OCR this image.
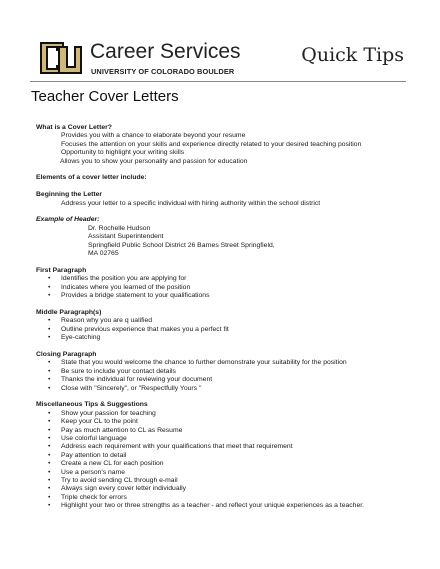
Career Services
UNIVERSITY OF COLORADO BOULDER
Quick Tips
Teacher Cover Letters

What is a Cover Letter?

Provides you with a chance to elaborate beyond your resume

Focuses the attention on your skills and experience directly related to your desired teaching position

Opportunity to highlight your writing skills

Allows you to show your personality and passion for education

Elements of a cover letter include:

Beginning the Letter

Address your letter to a specific individual with hiring authority within the school district

Example of Header:

Dr. Rochelle Hudson

Assistant Superintendent

Springfield Public School District 26 Barnes Street Springfield,

MA 02765

First Paragraph

• Identifies the position you are applying for
• Indicates where you learned of the position
• Provides a bridge statement to your qualifications

Middle Paragraph(s)

• Reason why you are q ualified
• Outline previous experience that makes you a perfect fit
• Eye-catching

Closing Paragraph

• State that you would welcome the chance to further demonstrate your suitability for the position
• Be sure to include your contact details
• Thanks the individual for reviewing your document
• Close with "Sincerely", or "Respectfully Yours "

Miscellaneous Tips & Suggestions

• Show your passion for teaching
• Keep your CL to the point
• Pay as much attention to CL as Resume
• Use colorful language
• Address each requirement with your qualifications that meet that requirement
• Pay attention to detail
• Create a new CL for each position
• Use a person's name
• Try to avoid sending CL through e-mail
• Always sign every cover letter individually
• Triple check for errors
• Highlight your two or three strengths as a teacher - and reflect your unique experiences as a teacher.
